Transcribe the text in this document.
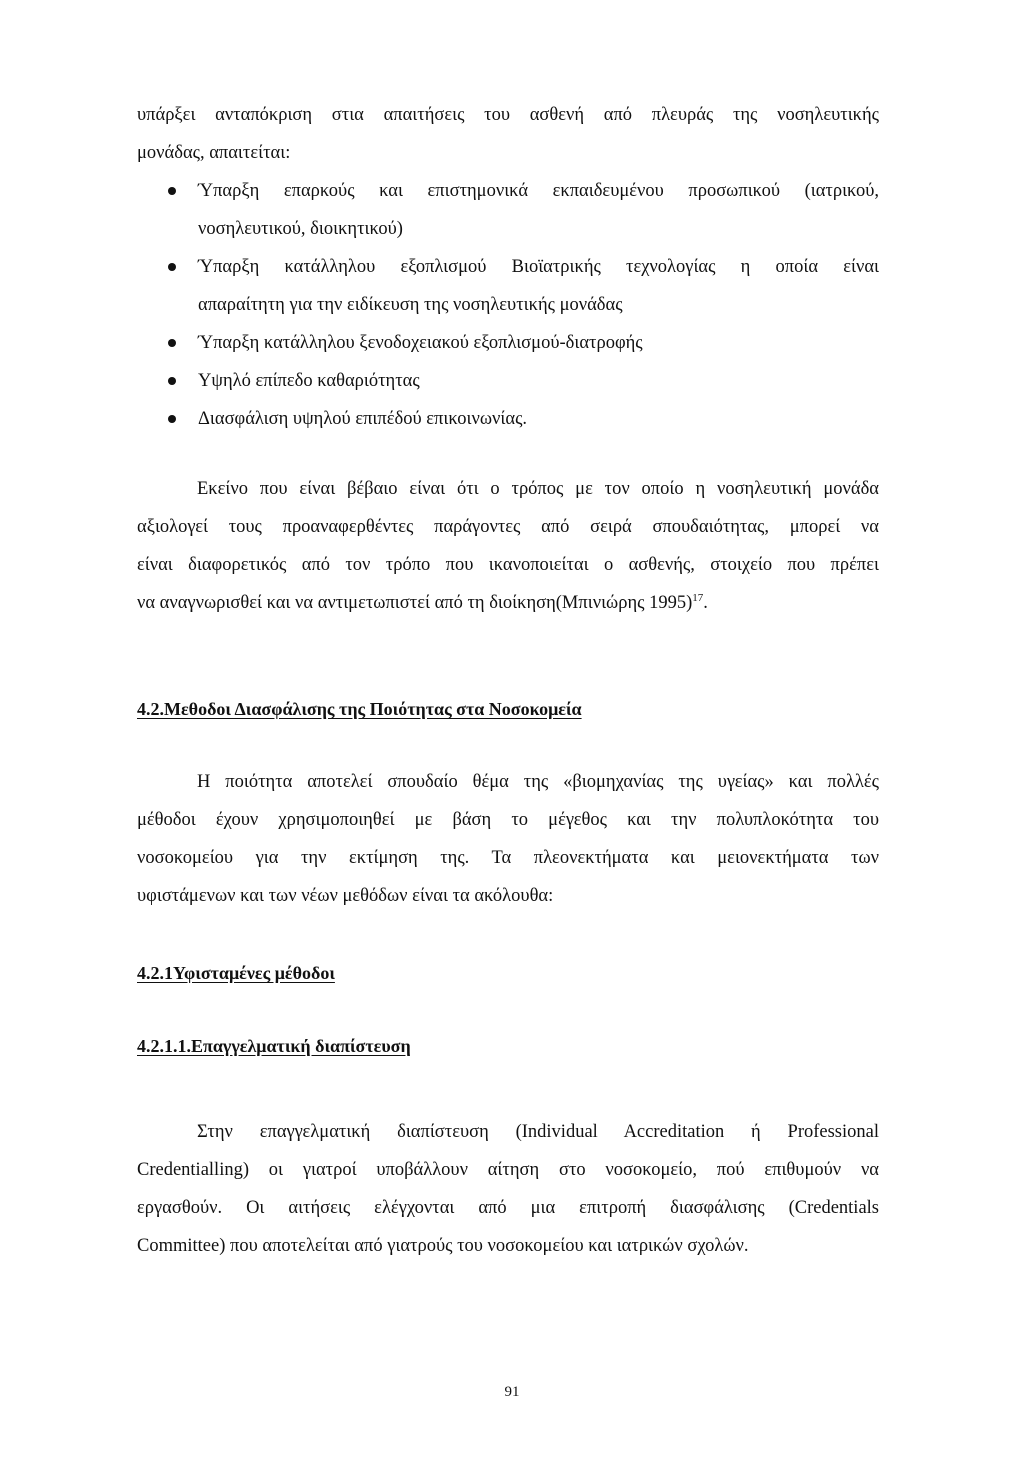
υπάρξει ανταπόκριση στια απαιτήσεις του ασθενή από πλευράς της νοσηλευτικής
μονάδας, απαιτείται:
Ύπαρξη επαρκούς και επιστημονικά εκπαιδευμένου προσωπικού (ιατρικού,
νοσηλευτικού, διοικητικού)
Ύπαρξη κατάλληλου εξοπλισμού Βιοϊατρικής τεχνολογίας η οποία είναι
απαραίτητη για την ειδίκευση της νοσηλευτικής μονάδας
Ύπαρξη κατάλληλου ξενοδοχειακού εξοπλισμού-διατροφής
Υψηλό επίπεδο καθαριότητας
Διασφάλιση υψηλού επιπέδού επικοινωνίας.
Εκείνο που είναι βέβαιο είναι ότι ο τρόπος με τον οποίο η νοσηλευτική μονάδα
αξιολογεί τους προαναφερθέντες παράγοντες από σειρά σπουδαιότητας, μπορεί να
είναι διαφορετικός από τον τρόπο που ικανοποιείται ο ασθενής, στοιχείο που πρέπει
να αναγνωρισθεί και να αντιμετωπιστεί από τη διοίκηση(Μπινιώρης 1995)$^{17}$.
4.2.Μεθοδοι Διασφάλισης της Ποιότητας στα Νοσοκομεία
Η ποιότητα αποτελεί σπουδαίο θέμα της «βιομηχανίας της υγείας» και πολλές
μέθοδοι έχουν χρησιμοποιηθεί με βάση το μέγεθος και την πολυπλοκότητα του
νοσοκομείου για την εκτίμηση της. Τα πλεονεκτήματα και μειονεκτήματα των
υφιστάμενων και των νέων μεθόδων είναι τα ακόλουθα:
4.2.1Υφισταμένες μέθοδοι
4.2.1.1.Επαγγελματική διαπίστευση
Στην επαγγελματική διαπίστευση (Individual Accreditation ή Professional
Credentialling) οι γιατροί υποβάλλουν αίτηση στο νοσοκομείο, πού επιθυμούν να
εργασθούν. Οι αιτήσεις ελέγχονται από μια επιτροπή διασφάλισης (Credentials
Committee) που αποτελείται από γιατρούς του νοσοκομείου και ιατρικών σχολών.
91
